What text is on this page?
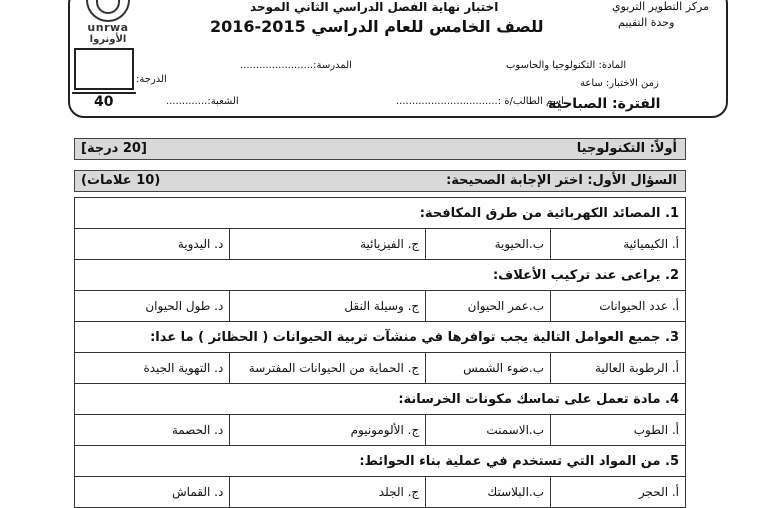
unrwa
الأونروا
مركز التطوير التربوي
وحدة التقييم
اختبار نهاية الفصل الدراسي الثاني الموحد
للصف الخامس للعام الدراسي 2015-2016
40
الدرجة:
المادة: التكنولوجيا والحاسوب
المدرسة:.......................
زمن الاختبار: ساعة
اسم الطالب/ة :................................
الشعبة:.............	الفترة: الصباحية
أولاً: التكنولوجيا
[20 درجة]
السؤال الأول: اختر الإجابة الصحيحة:
(10 علامات)
1. المصائد الكهربائية من طرق المكافحة:			
أ. الكيميائية	ب.الحيوية	ج. الفيزيائية	د. اليدوية
2. يراعى عند تركيب الأعلاف:			
أ. عدد الحيوانات	ب.عمر الحيوان	ج. وسيلة النقل	د. طول الحيوان
3. جميع العوامل التالية يجب توافرها في منشآت تربية الحيوانات ( الحظائر ) ما عدا:			
أ. الرطوبة العالية	ب.ضوء الشمس	ج. الحماية من الحيوانات المفترسة	د. التهوية الجيدة
4. مادة تعمل على تماسك مكونات الخرسانة:			
أ. الطوب	ب.الاسمنت	ج. الألومونيوم	د. الحصمة
5. من المواد التي تستخدم في عملية بناء الحوائط:			
أ. الحجر	ب.البلاستك	ج. الجلد	د. القماش
